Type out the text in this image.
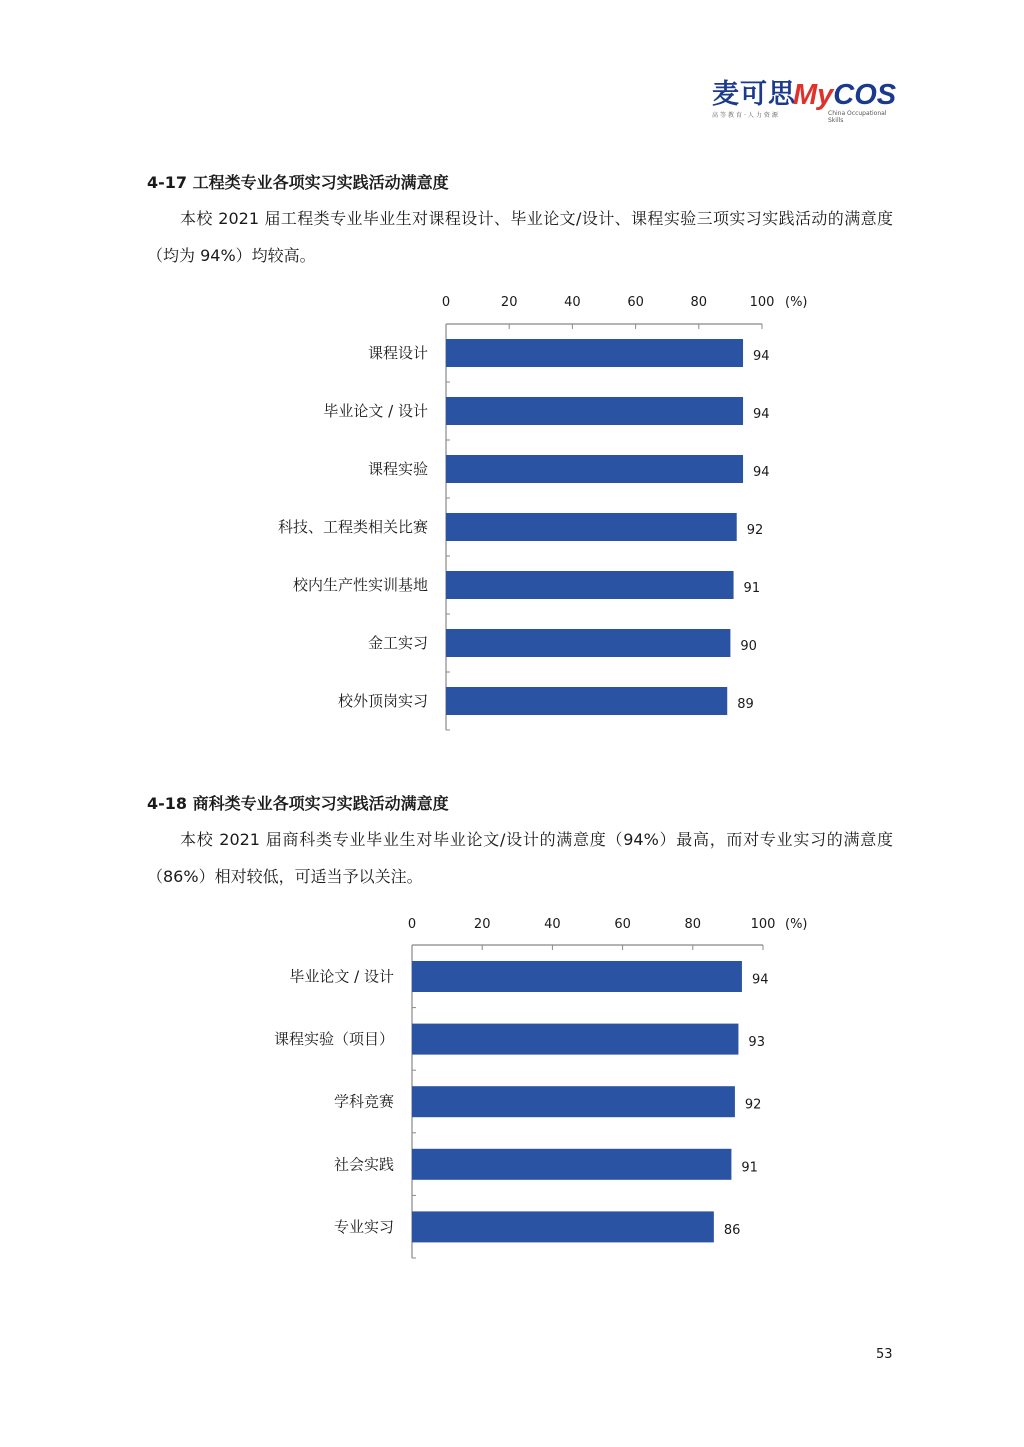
麦可思
MyCOS
高等教育·人力资源	China Occupational Skills
4-17 工程类专业各项实习实践活动满意度
本校 2021 届工程类专业毕业生对课程设计、毕业论文/设计、课程实验三项实习实践活动的满意度（均为 94%）均较高。
0	20	40	60	80	100 (%)
课程设计	94
毕业论文 / 设计	94
课程实验	94
科技、工程类相关比赛	92
校内生产性实训基地	91
金工实习	90
校外顶岗实习	89
4-18 商科类专业各项实习实践活动满意度
本校 2021 届商科类专业毕业生对毕业论文/设计的满意度（94%）最高，而对专业实习的满意度（86%）相对较低，可适当予以关注。
0	20	40	60	80	100 (%)
毕业论文 / 设计	94
课程实验（项目）	93
学科竞赛	92
社会实践	91
专业实习	86
53
